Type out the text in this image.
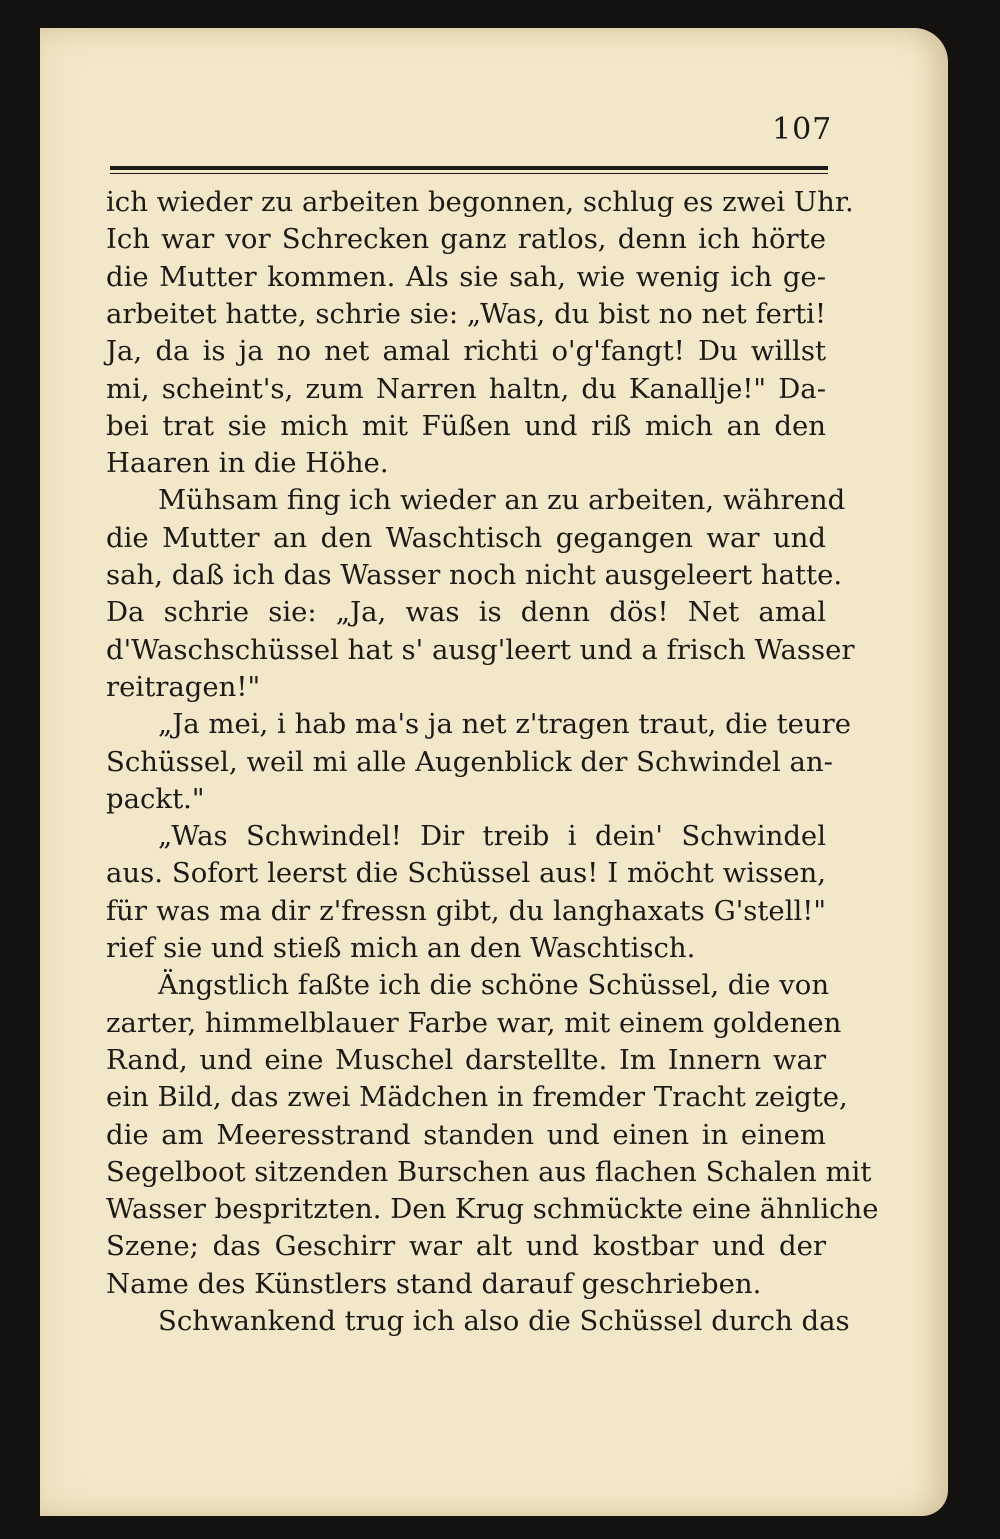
107
ich wieder zu arbeiten begonnen, schlug es zwei Uhr.
Ich war vor Schrecken ganz ratlos, denn ich hörte
die Mutter kommen. Als sie sah, wie wenig ich ge-
arbeitet hatte, schrie sie: „Was, du bist no net ferti!
Ja, da is ja no net amal richti o'g'fangt! Du willst
mi, scheint's, zum Narren haltn, du Kanallje!" Da-
bei trat sie mich mit Füßen und riß mich an den
Haaren in die Höhe.
Mühsam fing ich wieder an zu arbeiten, während
die Mutter an den Waschtisch gegangen war und
sah, daß ich das Wasser noch nicht ausgeleert hatte.
Da schrie sie: „Ja, was is denn dös! Net amal
d'Waschschüssel hat s' ausg'leert und a frisch Wasser
reitragen!"
„Ja mei, i hab ma's ja net z'tragen traut, die teure
Schüssel, weil mi alle Augenblick der Schwindel an-
packt."
„Was Schwindel! Dir treib i dein' Schwindel
aus. Sofort leerst die Schüssel aus! I möcht wissen,
für was ma dir z'fressn gibt, du langhaxats G'stell!"
rief sie und stieß mich an den Waschtisch.
Ängstlich faßte ich die schöne Schüssel, die von
zarter, himmelblauer Farbe war, mit einem goldenen
Rand, und eine Muschel darstellte. Im Innern war
ein Bild, das zwei Mädchen in fremder Tracht zeigte,
die am Meeresstrand standen und einen in einem
Segelboot sitzenden Burschen aus flachen Schalen mit
Wasser bespritzten. Den Krug schmückte eine ähnliche
Szene; das Geschirr war alt und kostbar und der
Name des Künstlers stand darauf geschrieben.
Schwankend trug ich also die Schüssel durch das
